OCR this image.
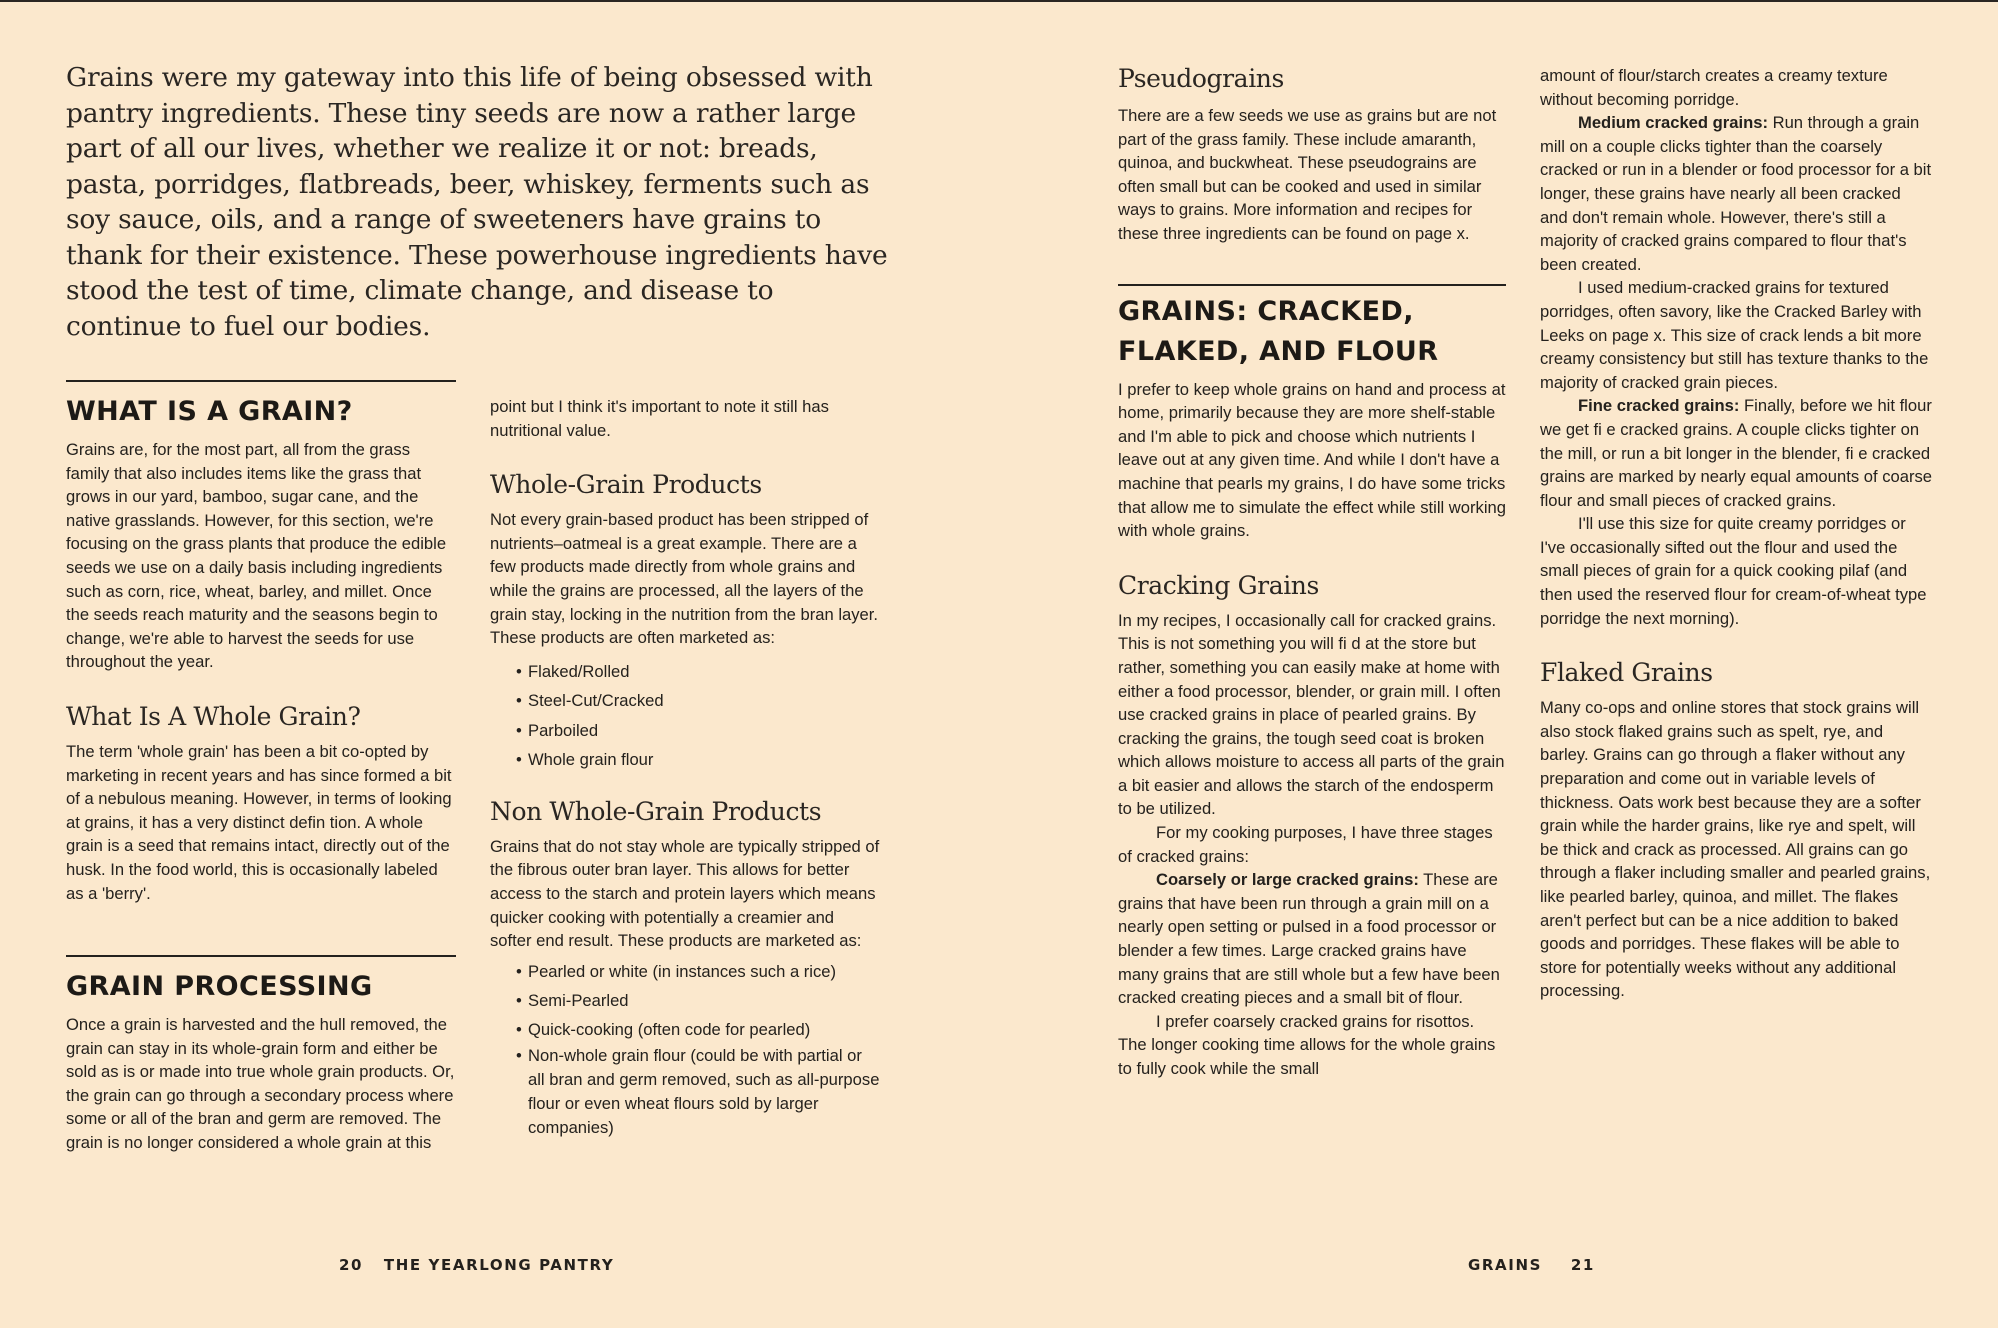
Grains were my gateway into this life of being obsessed with pantry ingredients. These tiny seeds are now a rather large part of all our lives, whether we realize it or not: breads, pasta, porridges, flatbreads, beer, whiskey, ferments such as soy sauce, oils, and a range of sweeteners have grains to thank for their existence. These powerhouse ingredients have stood the test of time, climate change, and disease to continue to fuel our bodies.

WHAT IS A GRAIN?

Grains are, for the most part, all from the grass family that also includes items like the grass that grows in our yard, bamboo, sugar cane, and the native grasslands. However, for this section, we're focusing on the grass plants that produce the edible seeds we use on a daily basis including ingredients such as corn, rice, wheat, barley, and millet. Once the seeds reach maturity and the seasons begin to change, we're able to harvest the seeds for use throughout the year.

What Is A Whole Grain?

The term 'whole grain' has been a bit co-opted by marketing in recent years and has since formed a bit of a nebulous meaning. However, in terms of looking at grains, it has a very distinct defin tion. A whole grain is a seed that remains intact, directly out of the husk. In the food world, this is occasionally labeled as a 'berry'.

GRAIN PROCESSING

Once a grain is harvested and the hull removed, the grain can stay in its whole-grain form and either be sold as is or made into true whole grain products. Or, the grain can go through a secondary process where some or all of the bran and germ are removed. The grain is no longer considered a whole grain at this

point but I think it's important to note it still has nutritional value.

Whole-Grain Products

Not every grain-based product has been stripped of nutrients–oatmeal is a great example. There are a few products made directly from whole grains and while the grains are processed, all the layers of the grain stay, locking in the nutrition from the bran layer. These products are often marketed as:

• Flaked/Rolled
• Steel-Cut/Cracked
• Parboiled
• Whole grain flour
Non Whole-Grain Products

Grains that do not stay whole are typically stripped of the fibrous outer bran layer. This allows for better access to the starch and protein layers which means quicker cooking with potentially a creamier and softer end result. These products are marketed as:

• Pearled or white (in instances such a rice)
• Semi-Pearled
• Quick-cooking (often code for pearled)
• Non-whole grain flour (could be with partial or all bran and germ removed, such as all-purpose flour or even wheat flours sold by larger companies)
20 THE YEARLONG PANTRY
Pseudograins

There are a few seeds we use as grains but are not part of the grass family. These include amaranth, quinoa, and buckwheat. These pseudograins are often small but can be cooked and used in similar ways to grains. More information and recipes for these three ingredients can be found on page x.

GRAINS: CRACKED,
FLAKED, AND FLOUR

I prefer to keep whole grains on hand and process at home, primarily because they are more shelf-stable and I'm able to pick and choose which nutrients I leave out at any given time. And while I don't have a machine that pearls my grains, I do have some tricks that allow me to simulate the effect while still working with whole grains.

Cracking Grains

In my recipes, I occasionally call for cracked grains. This is not something you will fi d at the store but rather, something you can easily make at home with either a food processor, blender, or grain mill. I often use cracked grains in place of pearled grains. By cracking the grains, the tough seed coat is broken which allows moisture to access all parts of the grain a bit easier and allows the starch of the endosperm to be utilized.

For my cooking purposes, I have three stages of cracked grains:

Coarsely or large cracked grains: These are grains that have been run through a grain mill on a nearly open setting or pulsed in a food processor or blender a few times. Large cracked grains have many grains that are still whole but a few have been cracked creating pieces and a small bit of flour.

I prefer coarsely cracked grains for risottos. The longer cooking time allows for the whole grains to fully cook while the small

amount of flour/starch creates a creamy texture without becoming porridge.

Medium cracked grains: Run through a grain mill on a couple clicks tighter than the coarsely cracked or run in a blender or food processor for a bit longer, these grains have nearly all been cracked and don't remain whole. However, there's still a majority of cracked grains compared to flour that's been created.

I used medium-cracked grains for textured porridges, often savory, like the Cracked Barley with Leeks on page x. This size of crack lends a bit more creamy consistency but still has texture thanks to the majority of cracked grain pieces.

Fine cracked grains: Finally, before we hit flour we get fi e cracked grains. A couple clicks tighter on the mill, or run a bit longer in the blender, fi e cracked grains are marked by nearly equal amounts of coarse flour and small pieces of cracked grains.

I'll use this size for quite creamy porridges or I've occasionally sifted out the flour and used the small pieces of grain for a quick cooking pilaf (and then used the reserved flour for cream-of-wheat type porridge the next morning).

Flaked Grains

Many co-ops and online stores that stock grains will also stock flaked grains such as spelt, rye, and barley. Grains can go through a flaker without any preparation and come out in variable levels of thickness. Oats work best because they are a softer grain while the harder grains, like rye and spelt, will be thick and crack as processed. All grains can go through a flaker including smaller and pearled grains, like pearled barley, quinoa, and millet. The flakes aren't perfect but can be a nice addition to baked goods and porridges. These flakes will be able to store for potentially weeks without any additional processing.

GRAINS 21
